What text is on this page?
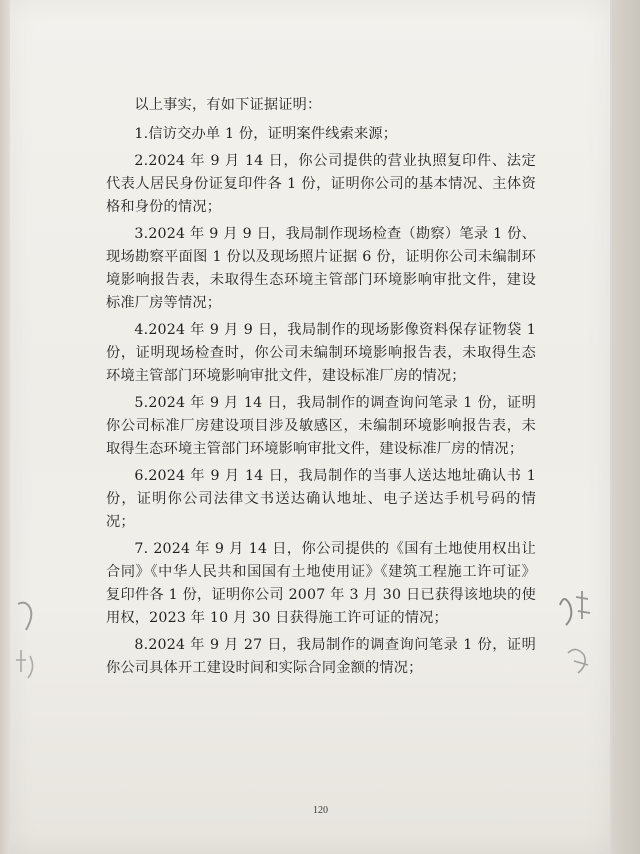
以上事实，有如下证据证明：

1.信访交办单 1 份，证明案件线索来源；

2.2024 年 9 月 14 日，你公司提供的营业执照复印件、法定代表人居民身份证复印件各 1 份，证明你公司的基本情况、主体资格和身份的情况；

3.2024 年 9 月 9 日，我局制作现场检查（勘察）笔录 1 份、现场勘察平面图 1 份以及现场照片证据 6 份，证明你公司未编制环境影响报告表，未取得生态环境主管部门环境影响审批文件，建设标准厂房等情况；

4.2024 年 9 月 9 日，我局制作的现场影像资料保存证物袋 1 份，证明现场检查时，你公司未编制环境影响报告表，未取得生态环境主管部门环境影响审批文件，建设标准厂房的情况；

5.2024 年 9 月 14 日，我局制作的调查询问笔录 1 份，证明你公司标准厂房建设项目涉及敏感区，未编制环境影响报告表，未取得生态环境主管部门环境影响审批文件，建设标准厂房的情况；

6.2024 年 9 月 14 日，我局制作的当事人送达地址确认书 1 份，证明你公司法律文书送达确认地址、电子送达手机号码的情况；

7. 2024 年 9 月 14 日，你公司提供的《国有土地使用权出让合同》《中华人民共和国国有土地使用证》《建筑工程施工许可证》复印件各 1 份，证明你公司 2007 年 3 月 30 日已获得该地块的使用权，2023 年 10 月 30 日获得施工许可证的情况；

8.2024 年 9 月 27 日，我局制作的调查询问笔录 1 份，证明你公司具体开工建设时间和实际合同金额的情况；

120
